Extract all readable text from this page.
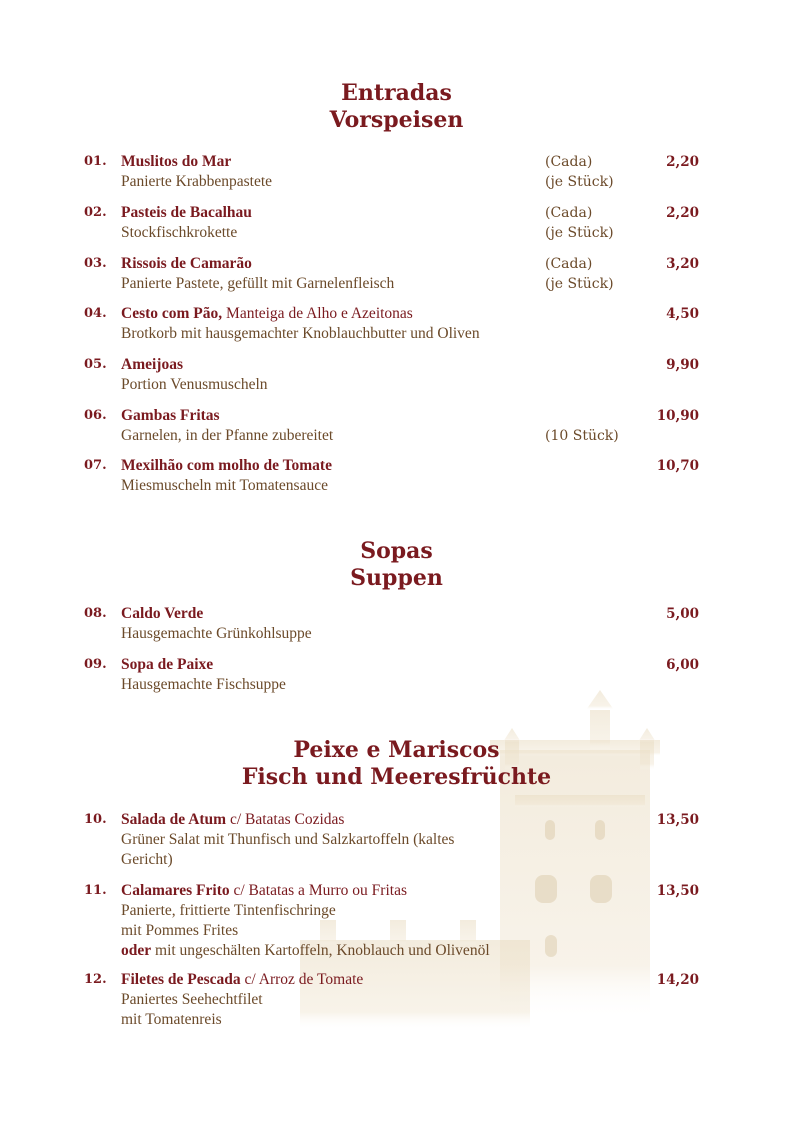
Entradas
Vorspeisen
Sopas
Suppen
Peixe e Mariscos
Fisch und Meeresfrüchte
01. Muslitos do Mar
Panierte Krabbenpastete
(Cada)
(je Stück)
2,20
02. Pasteis de Bacalhau
Stockfischkrokette
(Cada)
(je Stück)
2,20
03. Rissois de Camarão
Panierte Pastete, gefüllt mit Garnelenfleisch
(Cada)
(je Stück)
3,20
04. Cesto com Pão, Manteiga de Alho e Azeitonas
Brotkorb mit hausgemachter Knoblauchbutter und Oliven
4,50
05. Ameijoas
Portion Venusmuscheln
9,90
06. Gambas Fritas
Garnelen, in der Pfanne zubereitet	(10 Stück)
10,90
07. Mexilhão com molho de Tomate
Miesmuscheln mit Tomatensauce
10,70
08. Caldo Verde
Hausgemachte Grünkohlsuppe
5,00
09. Sopa de Paixe
Hausgemachte Fischsuppe
6,00
10. Salada de Atum c/ Batatas Cozidas
Grüner Salat mit Thunfisch und Salzkartoffeln (kaltes
Gericht)
13,50
11. Calamares Frito c/ Batatas a Murro ou Fritas
Panierte, frittierte Tintenfischringe
mit Pommes Frites
oder mit ungeschälten Kartoffeln, Knoblauch und Olivenöl
13,50
12. Filetes de Pescada c/ Arroz de Tomate
Paniertes Seehechtfilet
mit Tomatenreis
14,20
